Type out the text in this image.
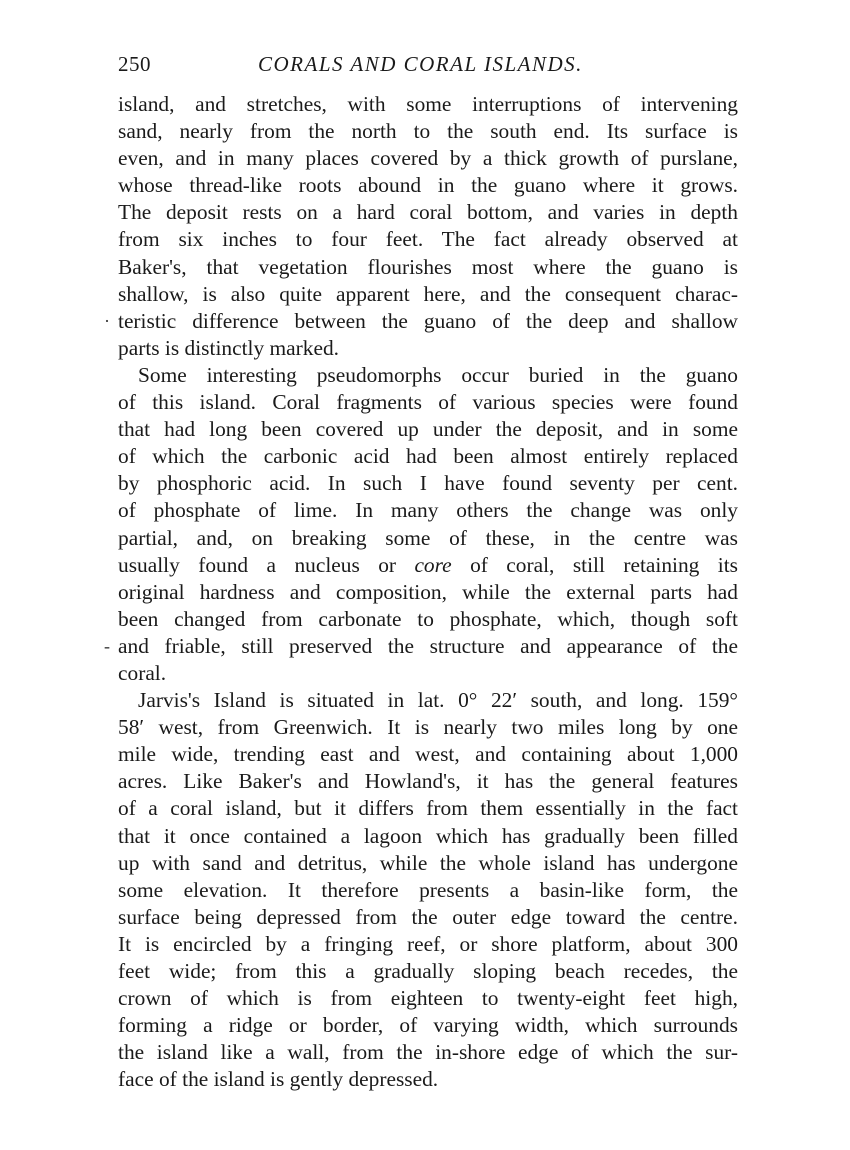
250	CORALS AND CORAL ISLANDS.
·
-
island, and stretches, with some interruptions of intervening
sand, nearly from the north to the south end. Its surface is
even, and in many places covered by a thick growth of purslane,
whose thread-like roots abound in the guano where it grows.
The deposit rests on a hard coral bottom, and varies in depth
from six inches to four feet. The fact already observed at
Baker's, that vegetation flourishes most where the guano is
shallow, is also quite apparent here, and the consequent charac-
teristic difference between the guano of the deep and shallow
parts is distinctly marked.
Some interesting pseudomorphs occur buried in the guano
of this island. Coral fragments of various species were found
that had long been covered up under the deposit, and in some
of which the carbonic acid had been almost entirely replaced
by phosphoric acid. In such I have found seventy per cent.
of phosphate of lime. In many others the change was only
partial, and, on breaking some of these, in the centre was
usually found a nucleus or core of coral, still retaining its
original hardness and composition, while the external parts had
been changed from carbonate to phosphate, which, though soft
and friable, still preserved the structure and appearance of the
coral.
Jarvis's Island is situated in lat. 0° 22′ south, and long. 159°
58′ west, from Greenwich. It is nearly two miles long by one
mile wide, trending east and west, and containing about 1,000
acres. Like Baker's and Howland's, it has the general features
of a coral island, but it differs from them essentially in the fact
that it once contained a lagoon which has gradually been filled
up with sand and detritus, while the whole island has undergone
some elevation. It therefore presents a basin-like form, the
surface being depressed from the outer edge toward the centre.
It is encircled by a fringing reef, or shore platform, about 300
feet wide; from this a gradually sloping beach recedes, the
crown of which is from eighteen to twenty-eight feet high,
forming a ridge or border, of varying width, which surrounds
the island like a wall, from the in-shore edge of which the sur-
face of the island is gently depressed.
